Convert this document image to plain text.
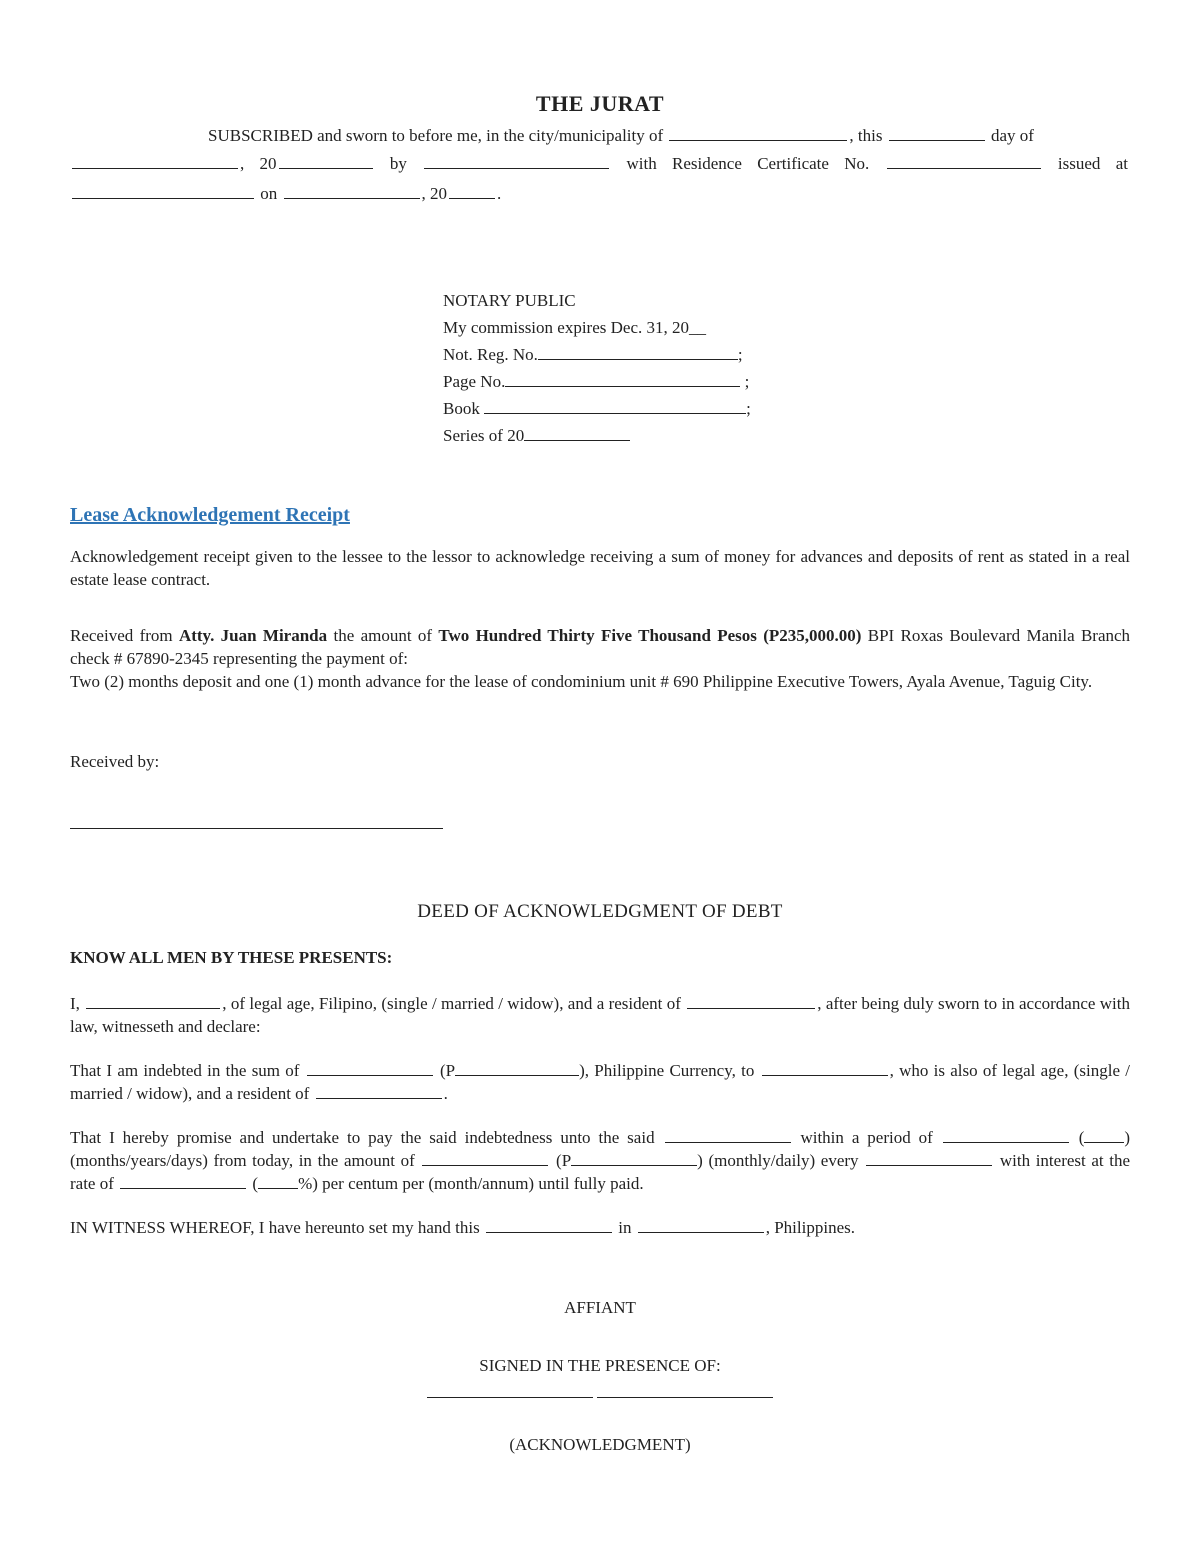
THE JURAT
SUBSCRIBED and sworn to before me, in the city/municipality of	, this	day of
, 20	by	with Residence Certificate No.	issued at
on	, 20	.
NOTARY PUBLIC
My commission expires Dec. 31, 20__
Not. Reg. No.	;
Page No.	;
Book	;
Series of 20
Lease Acknowledgement Receipt
Acknowledgement receipt given to the lessee to the lessor to acknowledge receiving a sum of money for advances and deposits of rent as stated in a real estate lease contract.
Received from Atty. Juan Miranda the amount of Two Hundred Thirty Five Thousand Pesos (P235,000.00) BPI Roxas Boulevard Manila Branch check # 67890-2345 representing the payment of:
Two (2) months deposit and one (1) month advance for the lease of condominium unit # 690 Philippine Executive Towers, Ayala Avenue, Taguig City.
Received by:
DEED OF ACKNOWLEDGMENT OF DEBT
KNOW ALL MEN BY THESE PRESENTS:
I,	, of legal age, Filipino, (single / married / widow), and a resident of	, after being duly sworn to in accordance with law, witnesseth and declare:
That I am indebted in the sum of	(P	), Philippine Currency, to	, who is also of legal age, (single / married / widow), and a resident of	.
That I hereby promise and undertake to pay the said indebtedness unto the said	within a period of	( ) (months/years/days) from today, in the amount of	(P	) (monthly/daily) every	with interest at the rate of	( %) per centum per (month/annum) until fully paid.
IN WITNESS WHEREOF, I have hereunto set my hand this	in	, Philippines.
AFFIANT
SIGNED IN THE PRESENCE OF:
(ACKNOWLEDGMENT)
